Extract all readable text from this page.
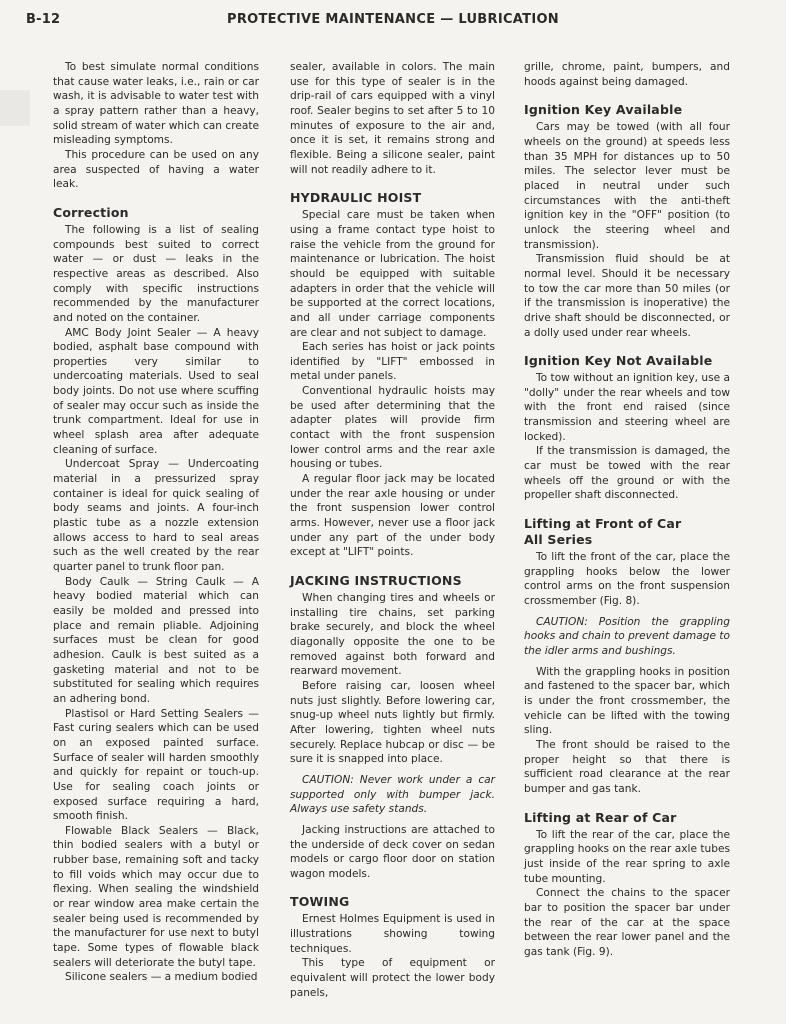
B-12	PROTECTIVE MAINTENANCE — LUBRICATION

To best simulate normal conditions that cause water leaks, i.e., rain or car wash, it is advisable to water test with a spray pattern rather than a heavy, solid stream of water which can create misleading symptoms.

This procedure can be used on any area suspected of having a water leak.

Correction

The following is a list of sealing compounds best suited to correct water — or dust — leaks in the respective areas as described. Also comply with specific instructions recommended by the manufacturer and noted on the container.

AMC Body Joint Sealer — A heavy bodied, asphalt base compound with properties very similar to undercoating materials. Used to seal body joints. Do not use where scuffing of sealer may occur such as inside the trunk compartment. Ideal for use in wheel splash area after adequate cleaning of surface.

Undercoat Spray — Undercoating material in a pressurized spray container is ideal for quick sealing of body seams and joints. A four-inch plastic tube as a nozzle extension allows access to hard to seal areas such as the well created by the rear quarter panel to trunk floor pan.

Body Caulk — String Caulk — A heavy bodied material which can easily be molded and pressed into place and remain pliable. Adjoining surfaces must be clean for good adhesion. Caulk is best suited as a gasketing material and not to be substituted for sealing which requires an adhering bond.

Plastisol or Hard Setting Sealers — Fast curing sealers which can be used on an exposed painted surface. Surface of sealer will harden smoothly and quickly for repaint or touch-up. Use for sealing coach joints or exposed surface requiring a hard, smooth finish.

Flowable Black Sealers — Black, thin bodied sealers with a butyl or rubber base, remaining soft and tacky to fill voids which may occur due to flexing. When sealing the windshield or rear window area make certain the sealer being used is recommended by the manufacturer for use next to butyl tape. Some types of flowable black sealers will deteriorate the butyl tape.

Silicone sealers — a medium bodied

sealer, available in colors. The main use for this type of sealer is in the drip-rail of cars equipped with a vinyl roof. Sealer begins to set after 5 to 10 minutes of exposure to the air and, once it is set, it remains strong and flexible. Being a silicone sealer, paint will not readily adhere to it.

HYDRAULIC HOIST

Special care must be taken when using a frame contact type hoist to raise the vehicle from the ground for maintenance or lubrication. The hoist should be equipped with suitable adapters in order that the vehicle will be supported at the correct locations, and all under carriage components are clear and not subject to damage.

Each series has hoist or jack points identified by "LIFT" embossed in metal under panels.

Conventional hydraulic hoists may be used after determining that the adapter plates will provide firm contact with the front suspension lower control arms and the rear axle housing or tubes.

A regular floor jack may be located under the rear axle housing or under the front suspension lower control arms. However, never use a floor jack under any part of the under body except at "LIFT" points.

JACKING INSTRUCTIONS

When changing tires and wheels or installing tire chains, set parking brake securely, and block the wheel diagonally opposite the one to be removed against both forward and rearward movement.

Before raising car, loosen wheel nuts just slightly. Before lowering car, snug-up wheel nuts lightly but firmly. After lowering, tighten wheel nuts securely. Replace hubcap or disc — be sure it is snapped into place.

CAUTION: Never work under a car supported only with bumper jack. Always use safety stands.

Jacking instructions are attached to the underside of deck cover on sedan models or cargo floor door on station wagon models.

TOWING

Ernest Holmes Equipment is used in illustrations showing towing techniques.

This type of equipment or equivalent will protect the lower body panels,

grille, chrome, paint, bumpers, and hoods against being damaged.

Ignition Key Available

Cars may be towed (with all four wheels on the ground) at speeds less than 35 MPH for distances up to 50 miles. The selector lever must be placed in neutral under such circumstances with the anti-theft ignition key in the "OFF" position (to unlock the steering wheel and transmission).

Transmission fluid should be at normal level. Should it be necessary to tow the car more than 50 miles (or if the transmission is inoperative) the drive shaft should be disconnected, or a dolly used under rear wheels.

Ignition Key Not Available

To tow without an ignition key, use a "dolly" under the rear wheels and tow with the front end raised (since transmission and steering wheel are locked).

If the transmission is damaged, the car must be towed with the rear wheels off the ground or with the propeller shaft disconnected.

Lifting at Front of Car
All Series

To lift the front of the car, place the grappling hooks below the lower control arms on the front suspension crossmember (Fig. 8).

CAUTION: Position the grappling hooks and chain to prevent damage to the idler arms and bushings.

With the grappling hooks in position and fastened to the spacer bar, which is under the front crossmember, the vehicle can be lifted with the towing sling.

The front should be raised to the proper height so that there is sufficient road clearance at the rear bumper and gas tank.

Lifting at Rear of Car

To lift the rear of the car, place the grappling hooks on the rear axle tubes just inside of the rear spring to axle tube mounting.

Connect the chains to the spacer bar to position the spacer bar under the rear of the car at the space between the rear lower panel and the gas tank (Fig. 9).
